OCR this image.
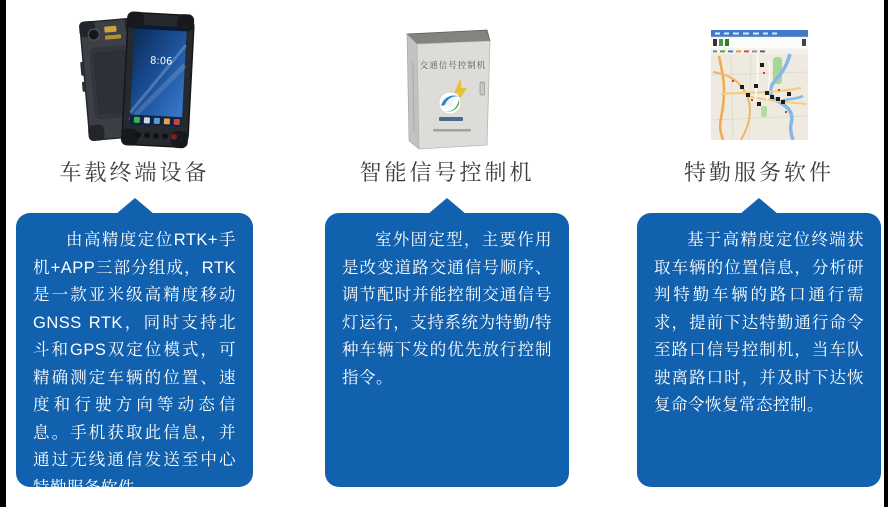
8:06
车载终端设备

由高精度定位RTK+手机+APP三部分组成，RTK是一款亚米级高精度移动GNSS RTK，同时支持北斗和GPS双定位模式，可精确测定车辆的位置、速度和行驶方向等动态信息。手机获取此信息，并通过无线通信发送至中心特勤服务软件。

交通信号控制机
智能信号控制机

室外固定型，主要作用是改变道路交通信号顺序、调节配时并能控制交通信号灯运行，支持系统为特勤/特种车辆下发的优先放行控制指令。

特勤服务软件

基于高精度定位终端获取车辆的位置信息，分析研判特勤车辆的路口通行需求，提前下达特勤通行命令至路口信号控制机，当车队驶离路口时，并及时下达恢复命令恢复常态控制。
